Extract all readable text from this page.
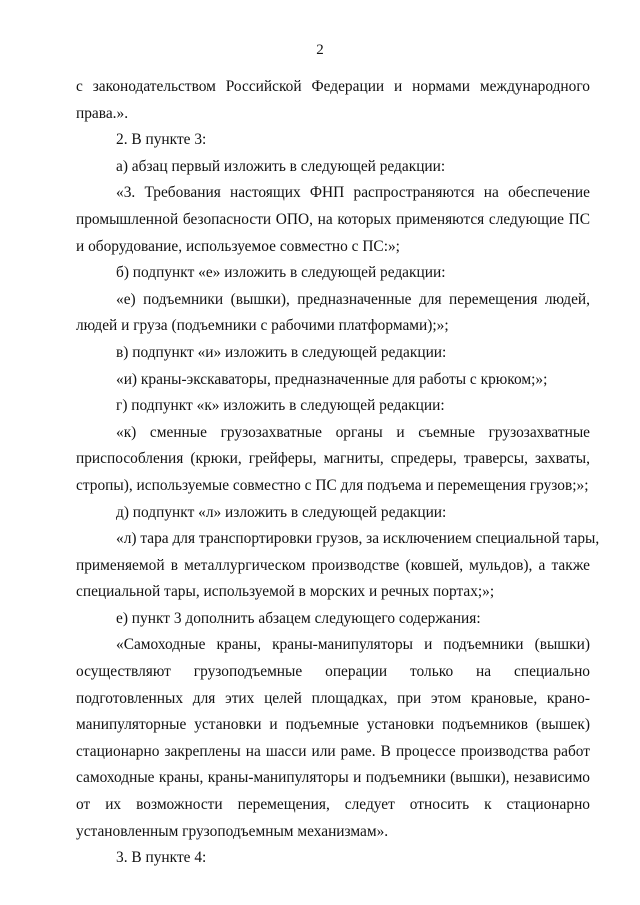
2
с законодательством Российской Федерации и нормами международного
права.».
2. В пункте 3:
а) абзац первый изложить в следующей редакции:
«3. Требования настоящих ФНП распространяются на обеспечение
промышленной безопасности ОПО, на которых применяются следующие ПС
и оборудование, используемое совместно с ПС:»;
б) подпункт «е» изложить в следующей редакции:
«е) подъемники (вышки), предназначенные для перемещения людей,
людей и груза (подъемники с рабочими платформами);»;
в) подпункт «и» изложить в следующей редакции:
«и) краны-экскаваторы, предназначенные для работы с крюком;»;
г) подпункт «к» изложить в следующей редакции:
«к) сменные грузозахватные органы и съемные грузозахватные
приспособления (крюки, грейферы, магниты, спредеры, траверсы, захваты,
стропы), используемые совместно с ПС для подъема и перемещения грузов;»;
д) подпункт «л» изложить в следующей редакции:
«л) тара для транспортировки грузов, за исключением специальной тары,
применяемой в металлургическом производстве (ковшей, мульдов), а также
специальной тары, используемой в морских и речных портах;»;
е) пункт 3 дополнить абзацем следующего содержания:
«Самоходные краны, краны-манипуляторы и подъемники (вышки)
осуществляют грузоподъемные операции только на специально
подготовленных для этих целей площадках, при этом крановые, крано-
манипуляторные установки и подъемные установки подъемников (вышек)
стационарно закреплены на шасси или раме. В процессе производства работ
самоходные краны, краны-манипуляторы и подъемники (вышки), независимо
от их возможности перемещения, следует относить к стационарно
установленным грузоподъемным механизмам».
3. В пункте 4:
